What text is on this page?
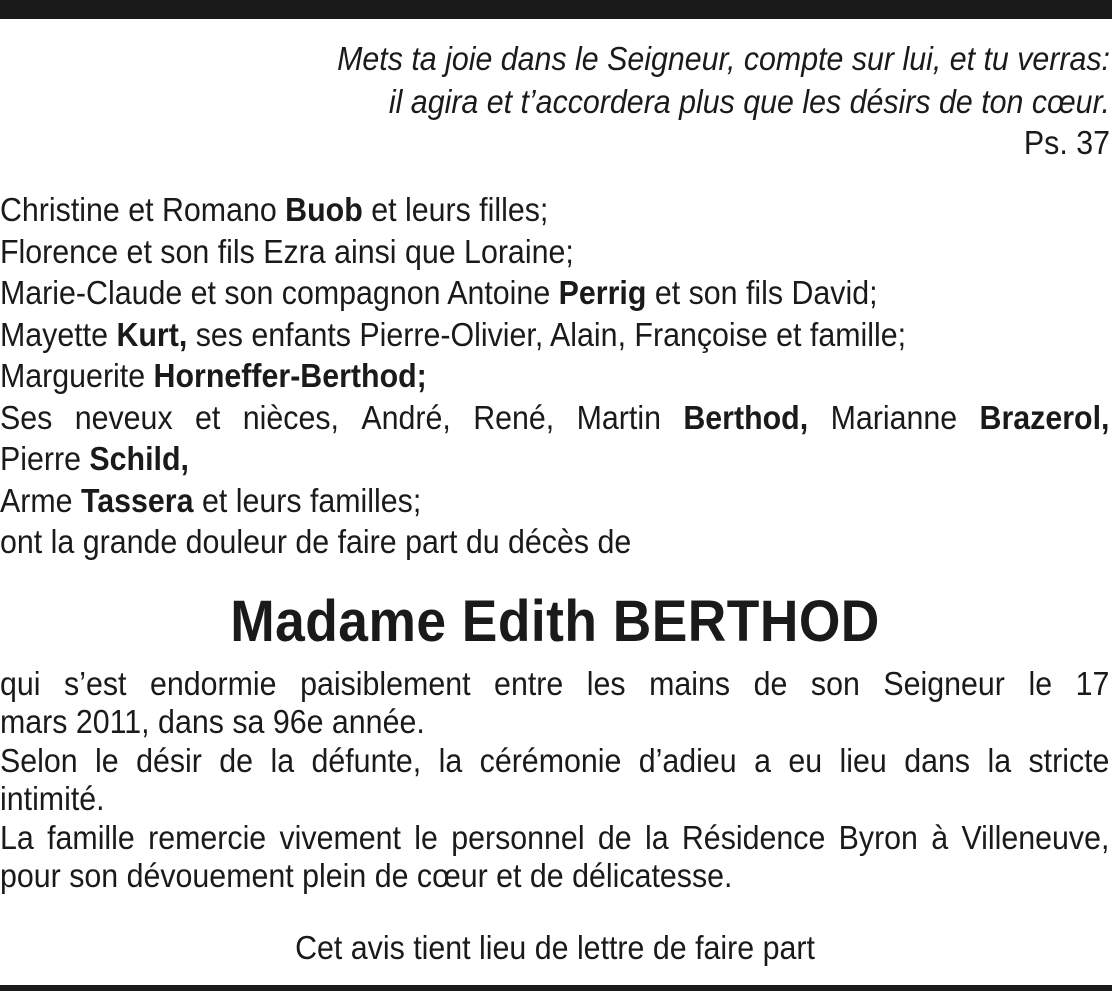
Mets ta joie dans le Seigneur, compte sur lui, et tu verras:
il agira et t’accordera plus que les désirs de ton cœur.
Ps. 37
Christine et Romano Buob et leurs filles;
Florence et son fils Ezra ainsi que Loraine;
Marie-Claude et son compagnon Antoine Perrig et son fils David;
Mayette Kurt, ses enfants Pierre-Olivier, Alain, Françoise et famille;
Marguerite Horneffer-Berthod;
Ses neveux et nièces, André, René, Martin Berthod, Marianne Brazerol,
Pierre Schild,
Arme Tassera et leurs familles;
ont la grande douleur de faire part du décès de
Madame Edith BERTHOD
qui s’est endormie paisiblement entre les mains de son Seigneur le 17
mars 2011, dans sa 96e année.
Selon le désir de la défunte, la cérémonie d’adieu a eu lieu dans la stricte
intimité.
La famille remercie vivement le personnel de la Résidence Byron à Villeneuve,
pour son dévouement plein de cœur et de délicatesse.
Cet avis tient lieu de lettre de faire part
